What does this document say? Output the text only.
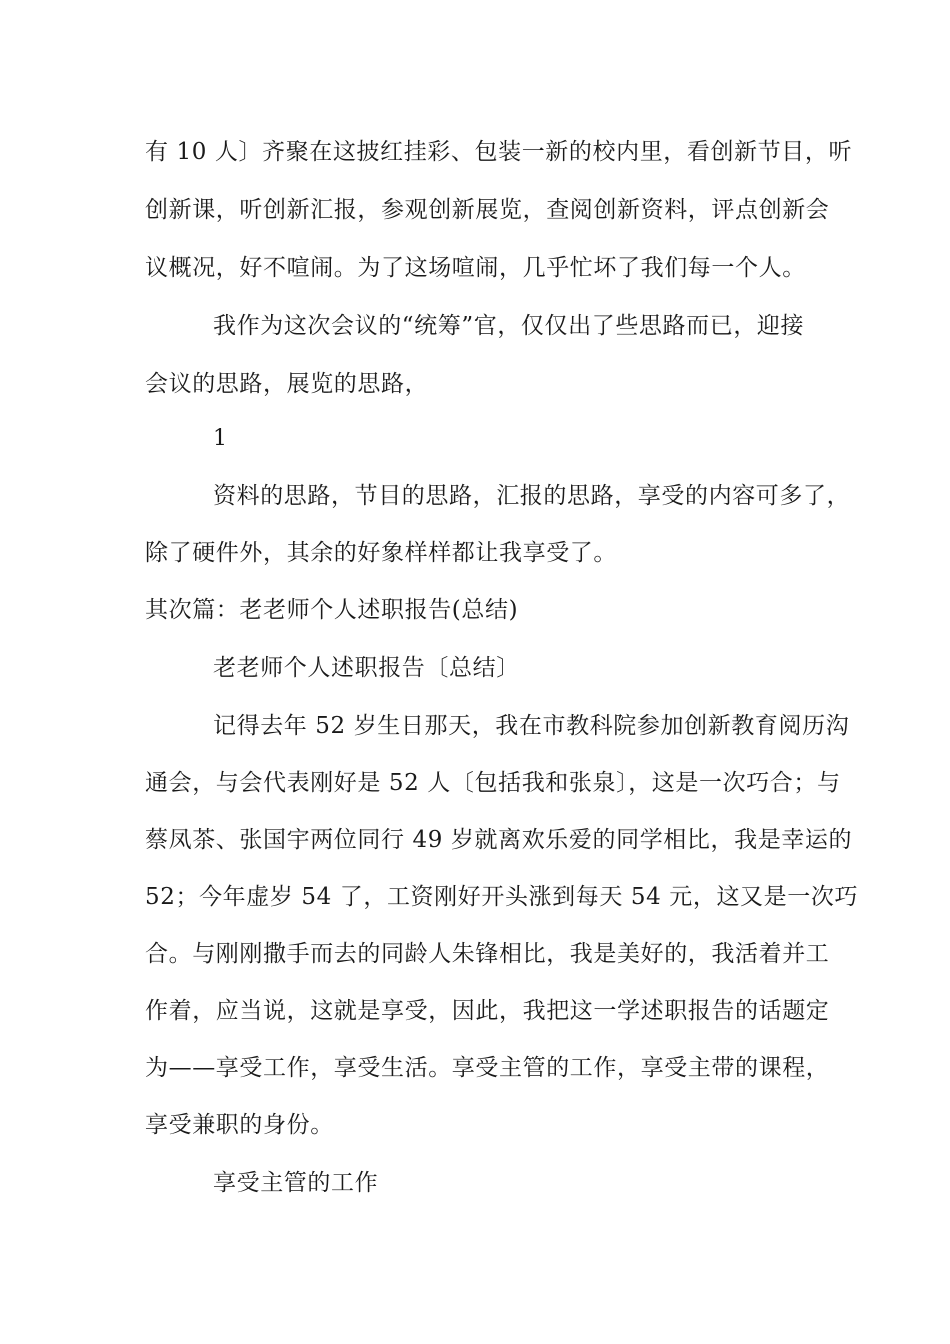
有 10 人〕齐聚在这披红挂彩、包装一新的校内里，看创新节目，听
创新课，听创新汇报，参观创新展览，查阅创新资料，评点创新会
议概况，好不喧闹。为了这场喧闹，几乎忙坏了我们每一个人。
我作为这次会议的“统筹”官，仅仅出了些思路而已，迎接
会议的思路，展览的思路，
1
资料的思路，节目的思路，汇报的思路，享受的内容可多了，
除了硬件外，其余的好象样样都让我享受了。
其次篇：老老师个人述职报告(总结)
老老师个人述职报告〔总结〕
记得去年 52 岁生日那天，我在市教科院参加创新教育阅历沟
通会，与会代表刚好是 52 人〔包括我和张泉〕，这是一次巧合；与
蔡凤茶、张国宇两位同行 49 岁就离欢乐爱的同学相比，我是幸运的
52；今年虚岁 54 了，工资刚好开头涨到每天 54 元，这又是一次巧
合。与刚刚撒手而去的同龄人朱锋相比，我是美好的，我活着并工
作着，应当说，这就是享受，因此，我把这一学述职报告的话题定
为——享受工作，享受生活。享受主管的工作，享受主带的课程，
享受兼职的身份。
享受主管的工作
